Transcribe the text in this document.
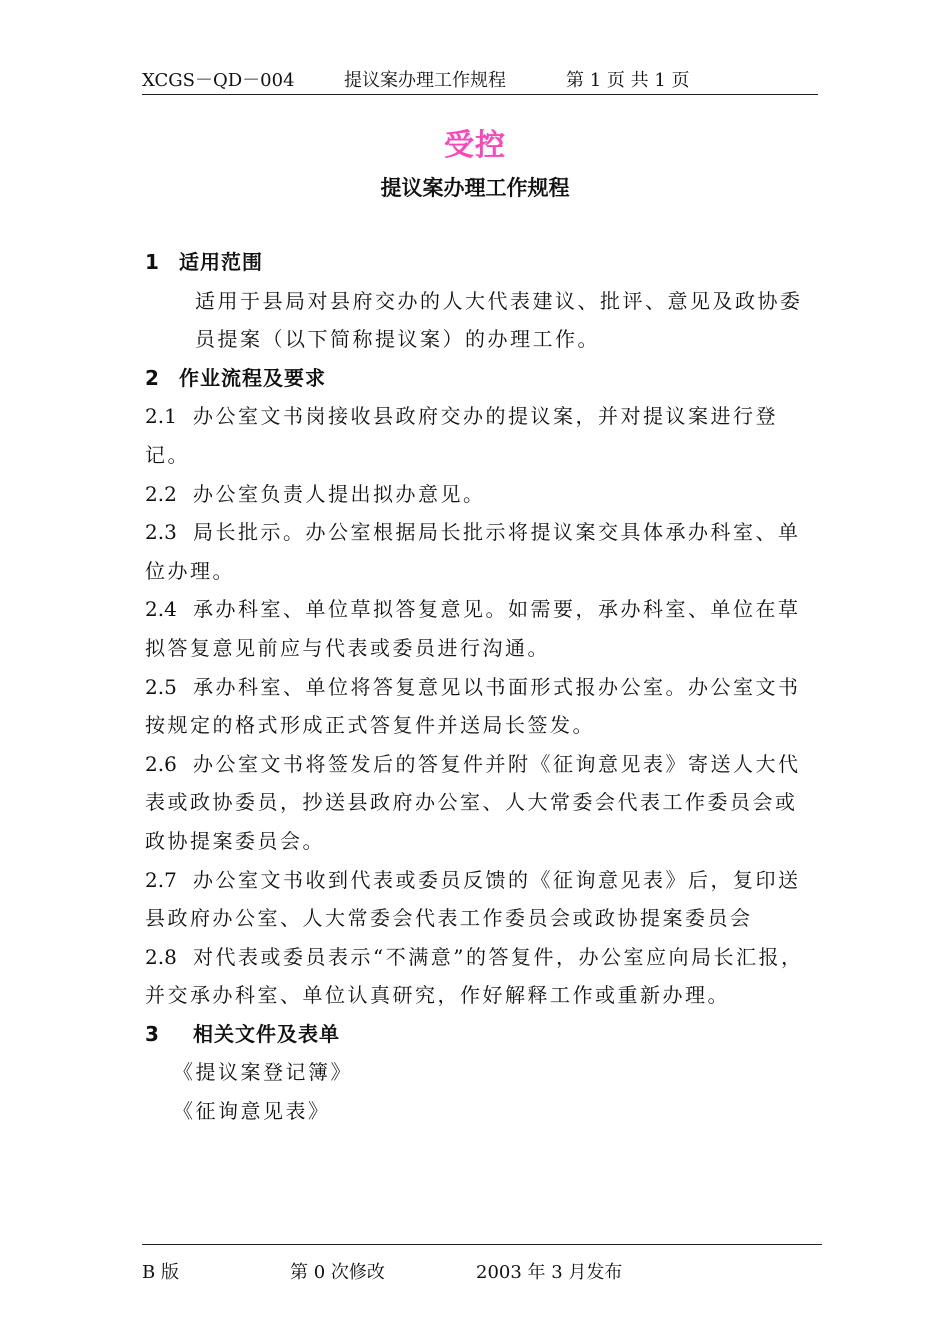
XCGS－QD－004	提议案办理工作规程	第 1 页 共 1 页
受控
提议案办理工作规程

1 适用范围

适用于县局对县府交办的人大代表建议、批评、意见及政协委员提案（以下简称提议案）的办理工作。

2 作业流程及要求

2.1 办公室文书岗接收县政府交办的提议案，并对提议案进行登记。

2.2 办公室负责人提出拟办意见。

2.3 局长批示。办公室根据局长批示将提议案交具体承办科室、单位办理。

2.4 承办科室、单位草拟答复意见。如需要，承办科室、单位在草拟答复意见前应与代表或委员进行沟通。

2.5 承办科室、单位将答复意见以书面形式报办公室。办公室文书按规定的格式形成正式答复件并送局长签发。

2.6 办公室文书将签发后的答复件并附《征询意见表》寄送人大代表或政协委员，抄送县政府办公室、人大常委会代表工作委员会或政协提案委员会。

2.7 办公室文书收到代表或委员反馈的《征询意见表》后，复印送县政府办公室、人大常委会代表工作委员会或政协提案委员会

2.8 对代表或委员表示“不满意”的答复件，办公室应向局长汇报，并交承办科室、单位认真研究，作好解释工作或重新办理。

3 相关文件及表单

《提议案登记簿》

《征询意见表》

B 版	第 0 次修改	2003 年 3 月发布
